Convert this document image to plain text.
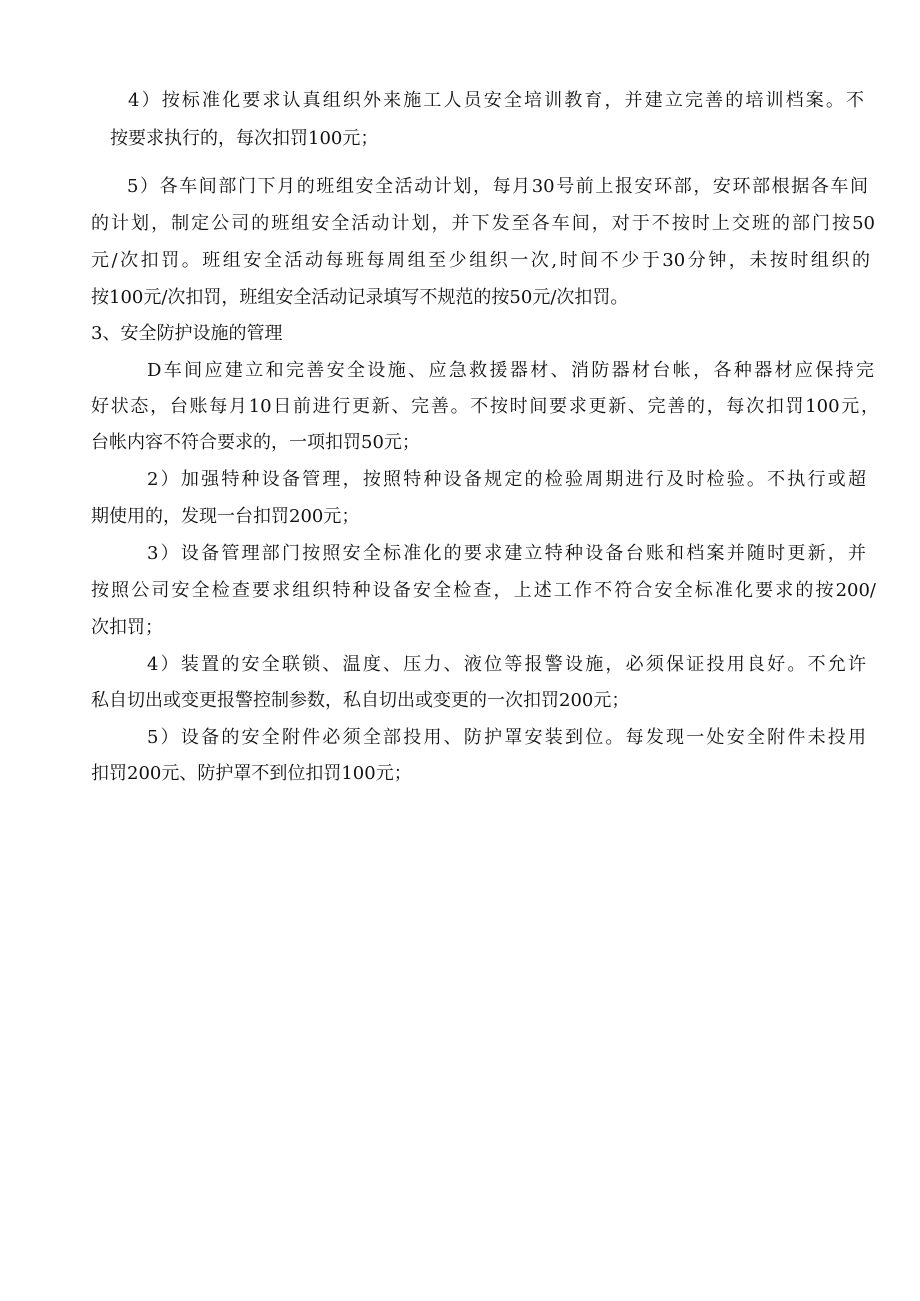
4）按标准化要求认真组织外来施工人员安全培训教育，并建立完善的培训档案。不
按要求执行的，每次扣罚100元；
5）各车间部门下月的班组安全活动计划，每月30号前上报安环部，安环部根据各车间
的计划，制定公司的班组安全活动计划，并下发至各车间，对于不按时上交班的部门按50
元/次扣罚。班组安全活动每班每周组至少组织一次,时间不少于30分钟，未按时组织的
按100元/次扣罚，班组安全活动记录填写不规范的按50元/次扣罚。
3、安全防护设施的管理
D车间应建立和完善安全设施、应急救援器材、消防器材台帐，各种器材应保持完
好状态，台账每月10日前进行更新、完善。不按时间要求更新、完善的，每次扣罚100元，
台帐内容不符合要求的，一项扣罚50元；
2）加强特种设备管理，按照特种设备规定的检验周期进行及时检验。不执行或超
期使用的，发现一台扣罚200元；
3）设备管理部门按照安全标准化的要求建立特种设备台账和档案并随时更新，并
按照公司安全检查要求组织特种设备安全检查，上述工作不符合安全标准化要求的按200/
次扣罚；
4）装置的安全联锁、温度、压力、液位等报警设施，必须保证投用良好。不允许
私自切出或变更报警控制参数，私自切出或变更的一次扣罚200元；
5）设备的安全附件必须全部投用、防护罩安装到位。每发现一处安全附件未投用
扣罚200元、防护罩不到位扣罚100元；
